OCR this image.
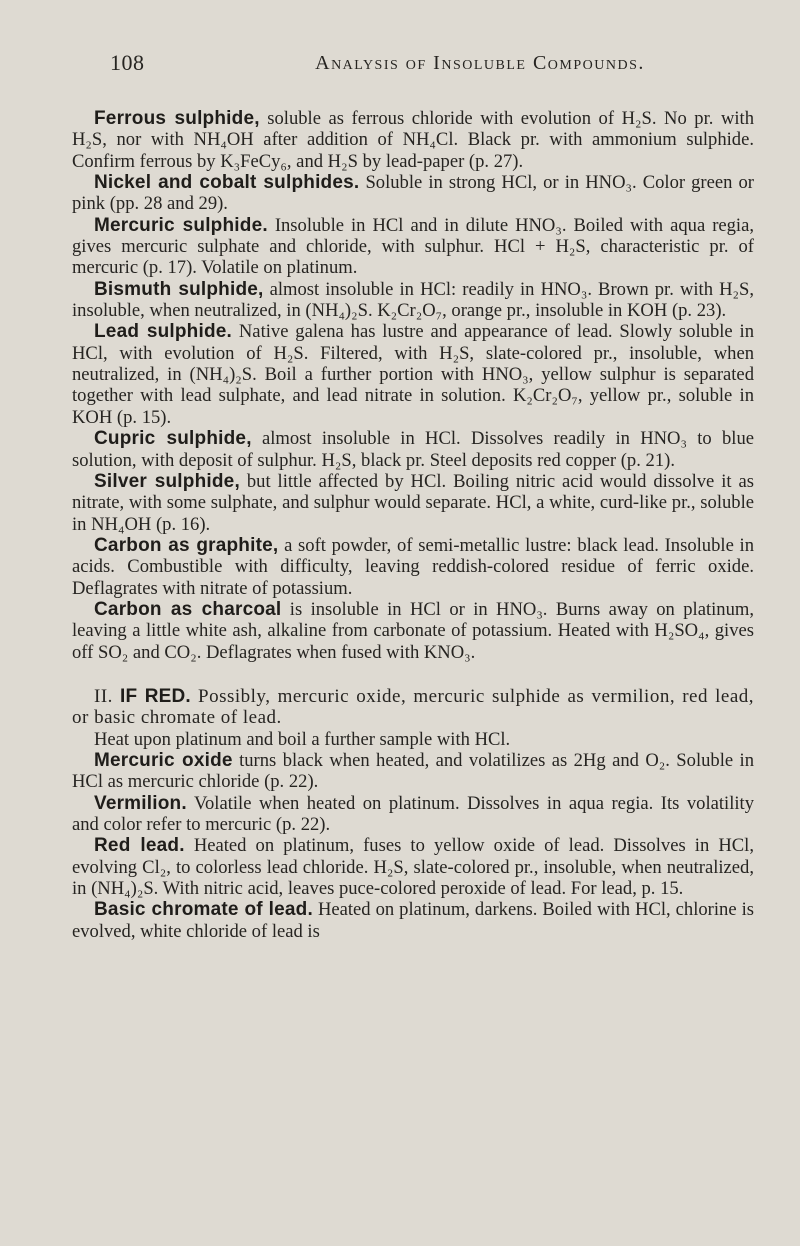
108	Analysis of Insoluble Compounds.

Ferrous sulphide, soluble as ferrous chloride with evolution of H₂S. No pr. with H₂S, nor with NH₄OH after addition of NH₄Cl. Black pr. with ammonium sulphide. Confirm ferrous by K₃FeCy₆, and H₂S by lead-paper (p. 27).

Nickel and cobalt sulphides. Soluble in strong HCl, or in HNO₃. Color green or pink (pp. 28 and 29).

Mercuric sulphide. Insoluble in HCl and in dilute HNO₃. Boiled with aqua regia, gives mercuric sulphate and chloride, with sulphur. HCl + H₂S, characteristic pr. of mercuric (p. 17). Volatile on platinum.

Bismuth sulphide, almost insoluble in HCl: readily in HNO₃. Brown pr. with H₂S, insoluble, when neutralized, in (NH₄)₂S. K₂Cr₂O₇, orange pr., insoluble in KOH (p. 23).

Lead sulphide. Native galena has lustre and appearance of lead. Slowly soluble in HCl, with evolution of H₂S. Filtered, with H₂S, slate-colored pr., insoluble, when neutralized, in (NH₄)₂S. Boil a further portion with HNO₃, yellow sulphur is separated together with lead sulphate, and lead nitrate in solution. K₂Cr₂O₇, yellow pr., soluble in KOH (p. 15).

Cupric sulphide, almost insoluble in HCl. Dissolves readily in HNO₃ to blue solution, with deposit of sulphur. H₂S, black pr. Steel deposits red copper (p. 21).

Silver sulphide, but little affected by HCl. Boiling nitric acid would dissolve it as nitrate, with some sulphate, and sulphur would separate. HCl, a white, curd-like pr., soluble in NH₄OH (p. 16).

Carbon as graphite, a soft powder, of semi-metallic lustre: black lead. Insoluble in acids. Combustible with difficulty, leaving reddish-colored residue of ferric oxide. Deflagrates with nitrate of potassium.

Carbon as charcoal is insoluble in HCl or in HNO₃. Burns away on platinum, leaving a little white ash, alkaline from carbonate of potassium. Heated with H₂SO₄, gives off SO₂ and CO₂. Deflagrates when fused with KNO₃.

II. IF RED. Possibly, mercuric oxide, mercuric sulphide as vermilion, red lead, or basic chromate of lead.

Heat upon platinum and boil a further sample with HCl.

Mercuric oxide turns black when heated, and volatilizes as 2Hg and O₂. Soluble in HCl as mercuric chloride (p. 22).

Vermilion. Volatile when heated on platinum. Dissolves in aqua regia. Its volatility and color refer to mercuric (p. 22).

Red lead. Heated on platinum, fuses to yellow oxide of lead. Dissolves in HCl, evolving Cl₂, to colorless lead chloride. H₂S, slate-colored pr., insoluble, when neutralized, in (NH₄)₂S. With nitric acid, leaves puce-colored peroxide of lead. For lead, p. 15.

Basic chromate of lead. Heated on platinum, darkens. Boiled with HCl, chlorine is evolved, white chloride of lead is
